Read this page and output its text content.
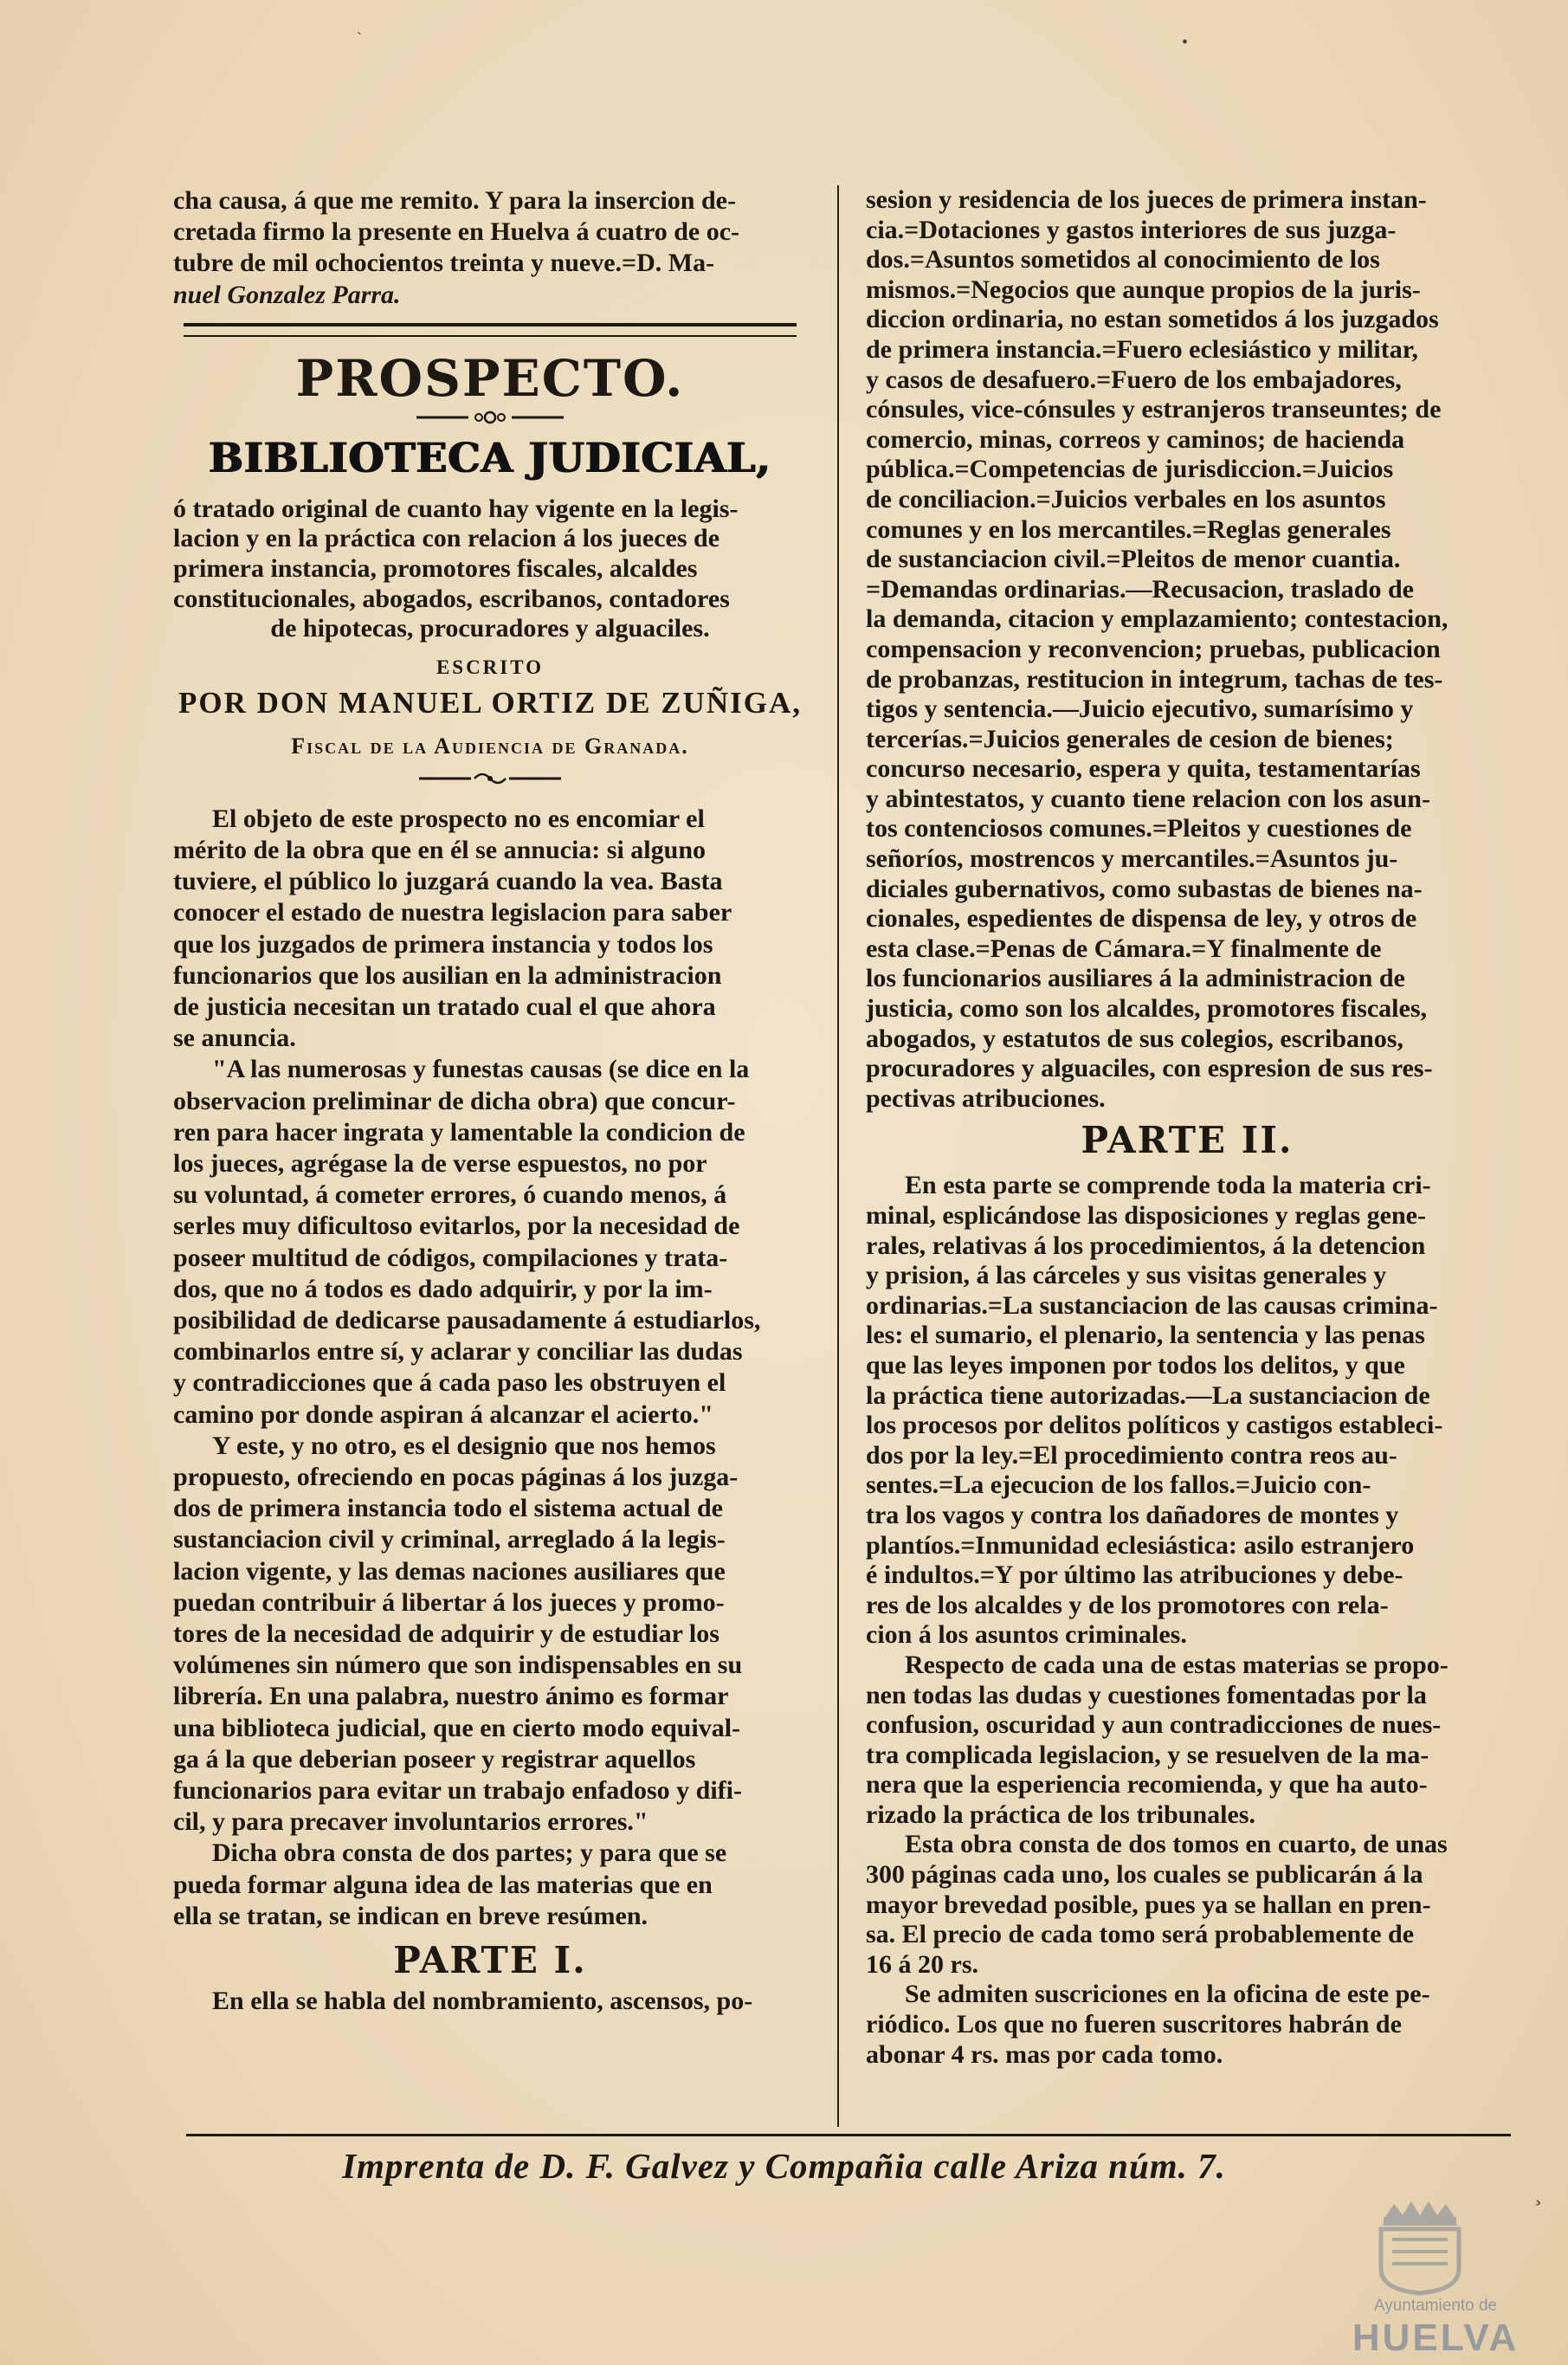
`	•
¸
cha causa, á que me remito. Y para la insercion de-
cretada firmo la presente en Huelva á cuatro de oc-
tubre de mil ochocientos treinta y nueve.=D. Ma-
nuel Gonzalez Parra.
PROSPECTO.
BIBLIOTECA JUDICIAL,
ó tratado original de cuanto hay vigente en la legis-
lacion y en la práctica con relacion á los jueces de
primera instancia, promotores fiscales, alcaldes
constitucionales, abogados, escribanos, contadores
de hipotecas, procuradores y alguaciles.
ESCRITO
POR DON MANUEL ORTIZ DE ZUÑIGA,
Fiscal de la Audiencia de Granada.
El objeto de este prospecto no es encomiar el
mérito de la obra que en él se annucia: si alguno
tuviere, el público lo juzgará cuando la vea. Basta
conocer el estado de nuestra legislacion para saber
que los juzgados de primera instancia y todos los
funcionarios que los ausilian en la administracion
de justicia necesitan un tratado cual el que ahora
se anuncia.
"A las numerosas y funestas causas (se dice en la
observacion preliminar de dicha obra) que concur-
ren para hacer ingrata y lamentable la condicion de
los jueces, agrégase la de verse espuestos, no por
su voluntad, á cometer errores, ó cuando menos, á
serles muy dificultoso evitarlos, por la necesidad de
poseer multitud de códigos, compilaciones y trata-
dos, que no á todos es dado adquirir, y por la im-
posibilidad de dedicarse pausadamente á estudiarlos,
combinarlos entre sí, y aclarar y conciliar las dudas
y contradicciones que á cada paso les obstruyen el
camino por donde aspiran á alcanzar el acierto."
Y este, y no otro, es el designio que nos hemos
propuesto, ofreciendo en pocas páginas á los juzga-
dos de primera instancia todo el sistema actual de
sustanciacion civil y criminal, arreglado á la legis-
lacion vigente, y las demas naciones ausiliares que
puedan contribuir á libertar á los jueces y promo-
tores de la necesidad de adquirir y de estudiar los
volúmenes sin número que son indispensables en su
librería. En una palabra, nuestro ánimo es formar
una biblioteca judicial, que en cierto modo equival-
ga á la que deberian poseer y registrar aquellos
funcionarios para evitar un trabajo enfadoso y difi-
cil, y para precaver involuntarios errores."
Dicha obra consta de dos partes; y para que se
pueda formar alguna idea de las materias que en
ella se tratan, se indican en breve resúmen.
PARTE I.
En ella se habla del nombramiento, ascensos, po-
sesion y residencia de los jueces de primera instan-
cia.=Dotaciones y gastos interiores de sus juzga-
dos.=Asuntos sometidos al conocimiento de los
mismos.=Negocios que aunque propios de la juris-
diccion ordinaria, no estan sometidos á los juzgados
de primera instancia.=Fuero eclesiástico y militar,
y casos de desafuero.=Fuero de los embajadores,
cónsules, vice-cónsules y estranjeros transeuntes; de
comercio, minas, correos y caminos; de hacienda
pública.=Competencias de jurisdiccion.=Juicios
de conciliacion.=Juicios verbales en los asuntos
comunes y en los mercantiles.=Reglas generales
de sustanciacion civil.=Pleitos de menor cuantia.
=Demandas ordinarias.—Recusacion, traslado de
la demanda, citacion y emplazamiento; contestacion,
compensacion y reconvencion; pruebas, publicacion
de probanzas, restitucion in integrum, tachas de tes-
tigos y sentencia.—Juicio ejecutivo, sumarísimo y
tercerías.=Juicios generales de cesion de bienes;
concurso necesario, espera y quita, testamentarías
y abintestatos, y cuanto tiene relacion con los asun-
tos contenciosos comunes.=Pleitos y cuestiones de
señoríos, mostrencos y mercantiles.=Asuntos ju-
diciales gubernativos, como subastas de bienes na-
cionales, espedientes de dispensa de ley, y otros de
esta clase.=Penas de Cámara.=Y finalmente de
los funcionarios ausiliares á la administracion de
justicia, como son los alcaldes, promotores fiscales,
abogados, y estatutos de sus colegios, escribanos,
procuradores y alguaciles, con espresion de sus res-
pectivas atribuciones.
PARTE II.
En esta parte se comprende toda la materia cri-
minal, esplicándose las disposiciones y reglas gene-
rales, relativas á los procedimientos, á la detencion
y prision, á las cárceles y sus visitas generales y
ordinarias.=La sustanciacion de las causas crimina-
les: el sumario, el plenario, la sentencia y las penas
que las leyes imponen por todos los delitos, y que
la práctica tiene autorizadas.—La sustanciacion de
los procesos por delitos políticos y castigos estableci-
dos por la ley.=El procedimiento contra reos au-
sentes.=La ejecucion de los fallos.=Juicio con-
tra los vagos y contra los dañadores de montes y
plantíos.=Inmunidad eclesiástica: asilo estranjero
é indultos.=Y por último las atribuciones y debe-
res de los alcaldes y de los promotores con rela-
cion á los asuntos criminales.
Respecto de cada una de estas materias se propo-
nen todas las dudas y cuestiones fomentadas por la
confusion, oscuridad y aun contradicciones de nues-
tra complicada legislacion, y se resuelven de la ma-
nera que la esperiencia recomienda, y que ha auto-
rizado la práctica de los tribunales.
Esta obra consta de dos tomos en cuarto, de unas
300 páginas cada uno, los cuales se publicarán á la
mayor brevedad posible, pues ya se hallan en pren-
sa. El precio de cada tomo será probablemente de
16 á 20 rs.
Se admiten suscriciones en la oficina de este pe-
riódico. Los que no fueren suscritores habrán de
abonar 4 rs. mas por cada tomo.
Imprenta de D. F. Galvez y Compañia calle Ariza núm. 7.
Ayuntamiento de
HUELVA
